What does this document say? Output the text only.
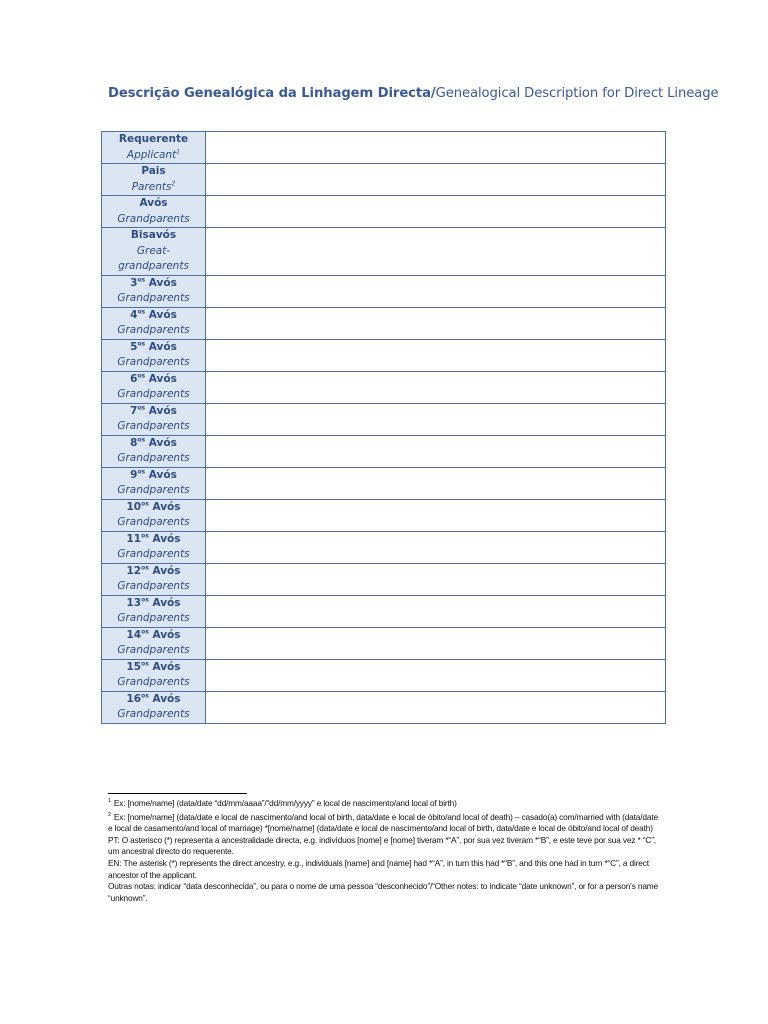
Descrição Genealógica da Linhagem Directa/Genealogical Description for Direct Lineage
Requerente
Applicant$^1$

Pais
Parents$^2$

Avós
Grandparents	

Bisavós
Great-grandparents	

$3^{os}$ Avós
Grandparents	

$4^{os}$ Avós
Grandparents	

$5^{os}$ Avós
Grandparents	

$6^{os}$ Avós
Grandparents	

$7^{os}$ Avós
Grandparents	

$8^{os}$ Avós
Grandparents	

$9^{os}$ Avós
Grandparents	

$10^{os}$ Avós
Grandparents	

$11^{os}$ Avós
Grandparents	

$12^{os}$ Avós
Grandparents	

$13^{os}$ Avós
Grandparents	

$14^{os}$ Avós
Grandparents	

$15^{os}$ Avós
Grandparents	

$16^{os}$ Avós
Grandparents	

$^1$ Ex: [nome/name] (data/date “dd/mm/aaaa”/“dd/mm/yyyy” e local de nascimento/and local of birth)

$^2$ Ex: [nome/name] (data/date e local de nascimento/and local of birth, data/date e local de óbito/and local of death) – casado(a) com/married with (data/date e local de casamento/and local of marriage) *[nome/name] (data/date e local de nascimento/and local of birth, data/date e local de óbito/and local of death)

PT: O asterisco (*) representa a ancestralidade directa, e.g. indivíduos [nome] e [nome] tiveram *“A”, por sua vez tiveram *“B”, e este teve por sua vez * “C”, um ancestral directo do requerente.

EN: The asterisk (*) represents the direct ancestry, e.g., individuals [name] and [name] had *“A”, in turn this had *“B”, and this one had in turn *“C”, a direct ancestor of the applicant.

Outras notas: indicar “data desconhecida”, ou para o nome de uma pessoa “desconhecido”/“Other notes: to indicate “date unknown”, or for a person’s name “unknown”.
